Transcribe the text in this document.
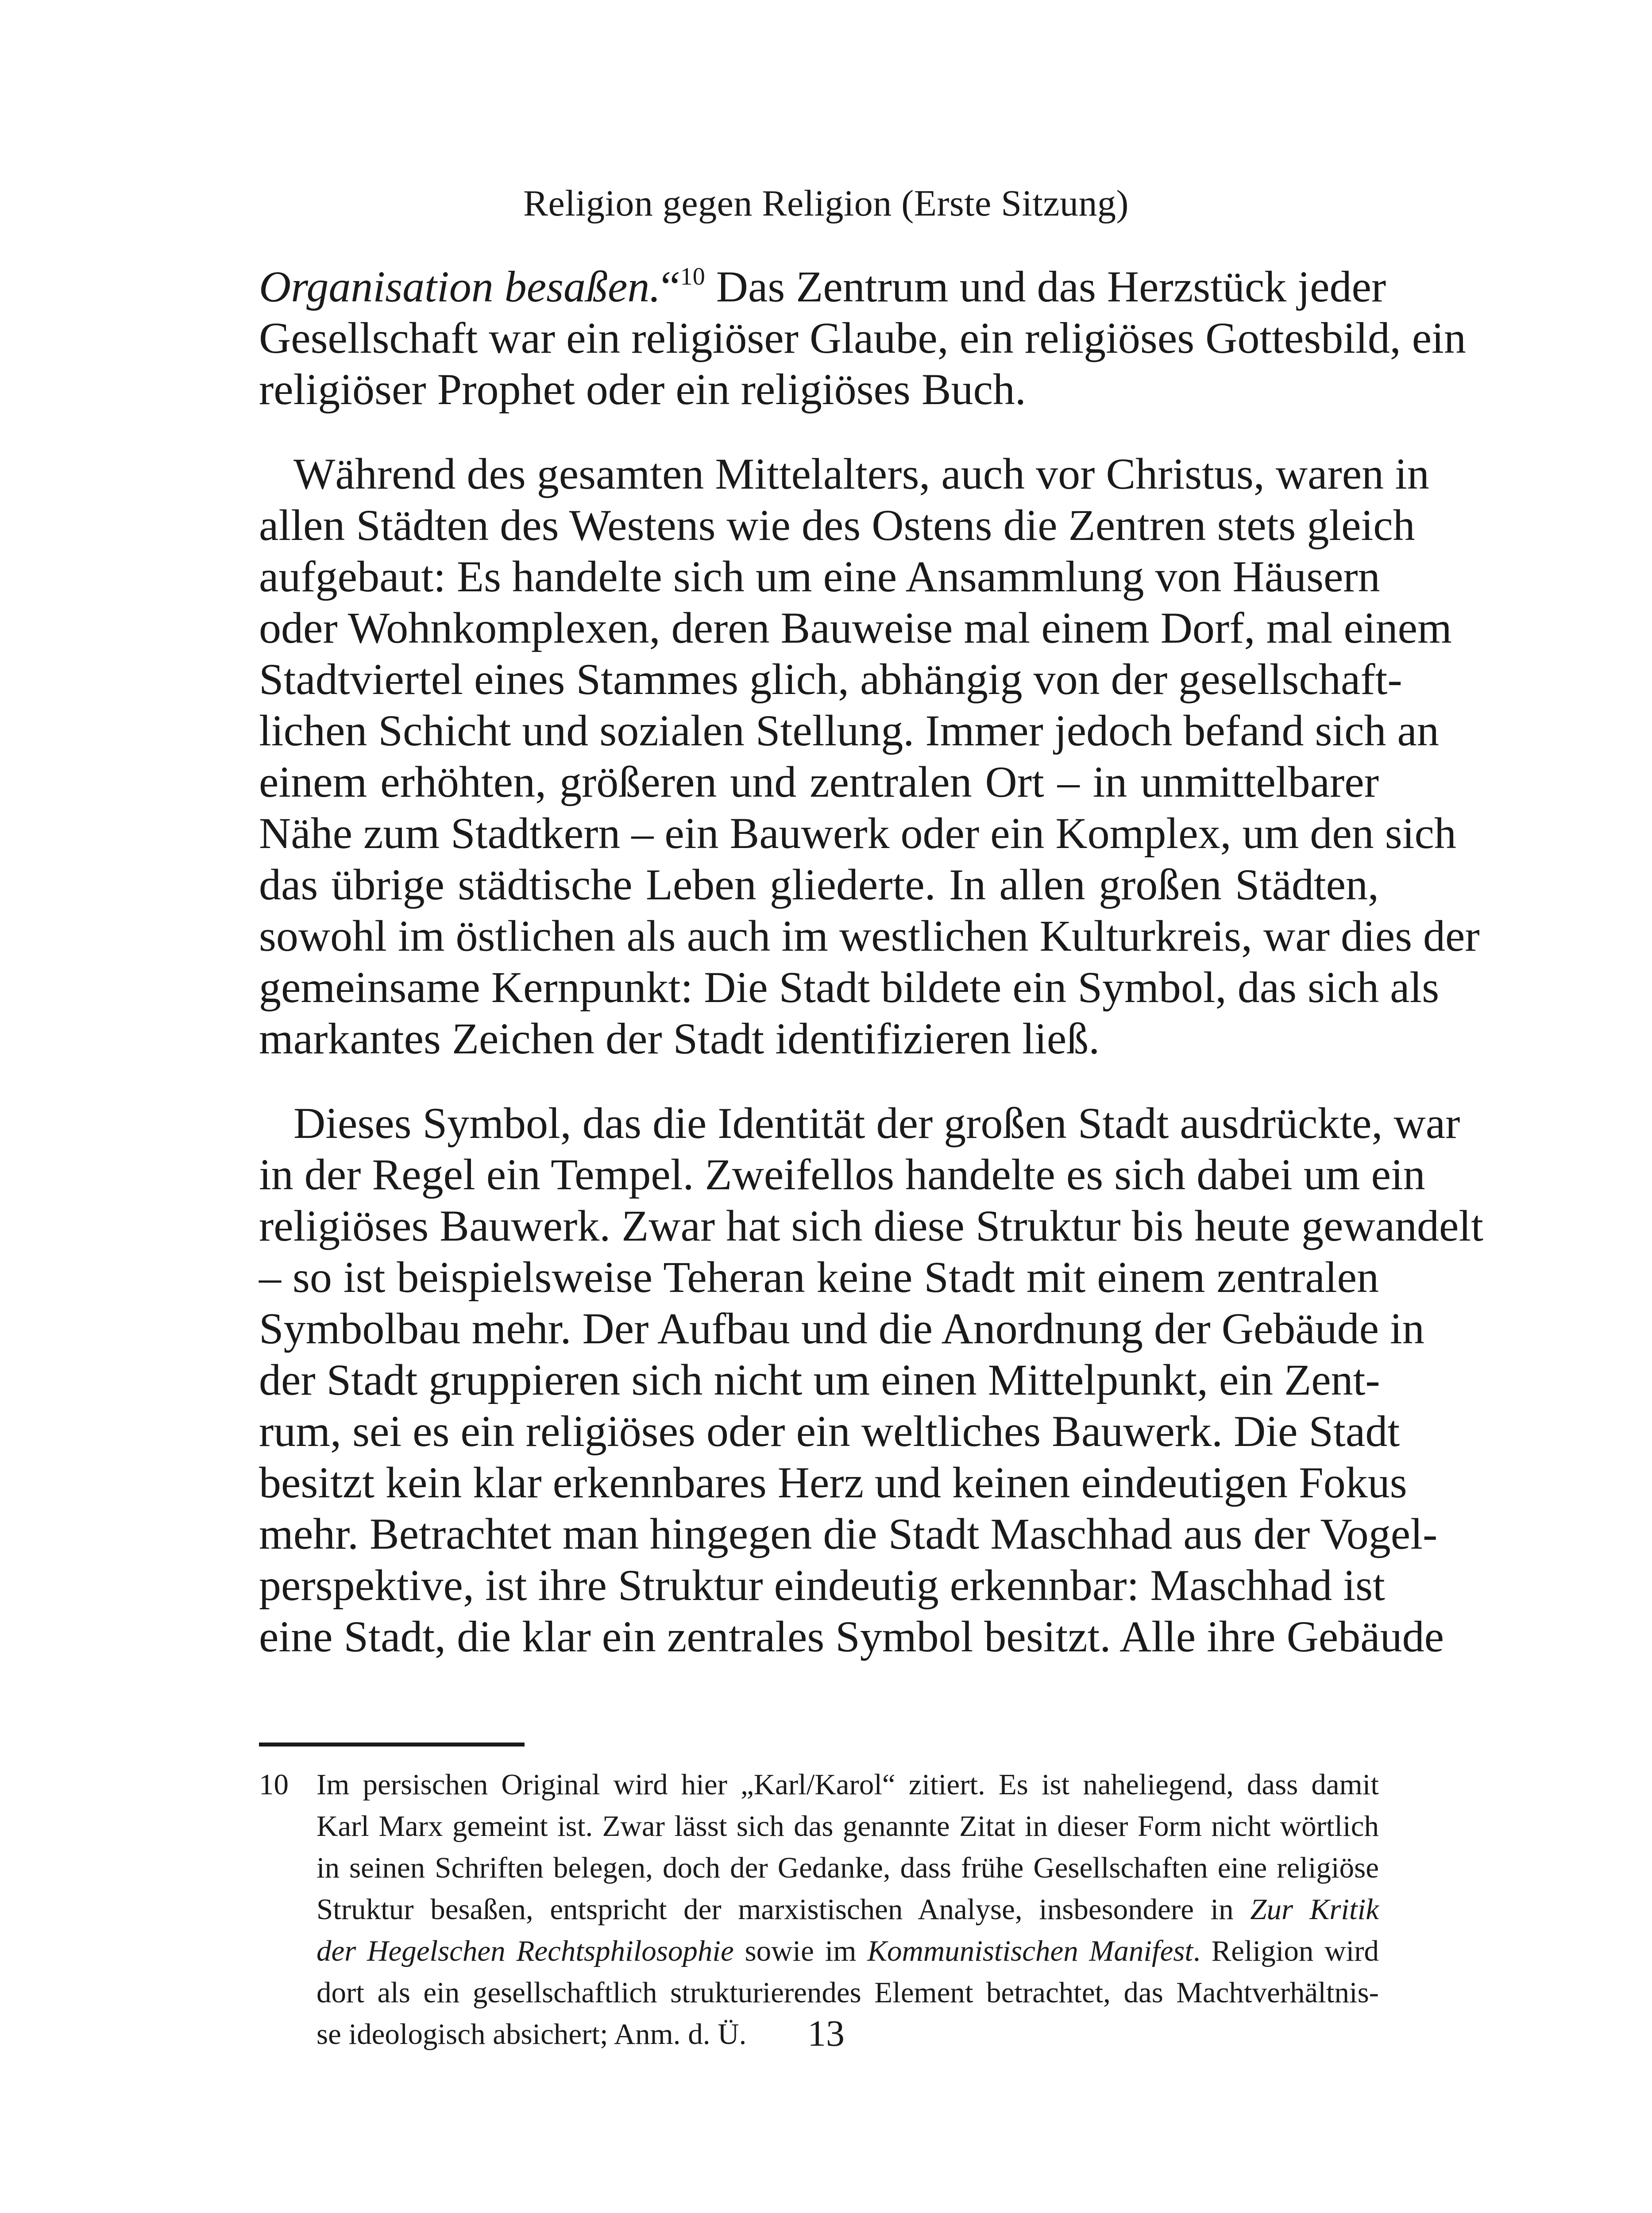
Religion gegen Religion (Erste Sitzung)
Organisation besaßen.“$^{10}$ Das Zentrum und das Herzstück jeder
Gesellschaft war ein religiöser Glaube, ein religiöses Gottesbild, ein
religiöser Prophet oder ein religiöses Buch.
Während des gesamten Mittelalters, auch vor Christus, waren in
allen Städten des Westens wie des Ostens die Zentren stets gleich
aufgebaut: Es handelte sich um eine Ansammlung von Häusern
oder Wohnkomplexen, deren Bauweise mal einem Dorf, mal einem
Stadtviertel eines Stammes glich, abhängig von der gesellschaft-
lichen Schicht und sozialen Stellung. Immer jedoch befand sich an
einem erhöhten, größeren und zentralen Ort – in unmittelbarer
Nähe zum Stadtkern – ein Bauwerk oder ein Komplex, um den sich
das übrige städtische Leben gliederte. In allen großen Städten,
sowohl im östlichen als auch im westlichen Kulturkreis, war dies der
gemeinsame Kernpunkt: Die Stadt bildete ein Symbol, das sich als
markantes Zeichen der Stadt identifizieren ließ.
Dieses Symbol, das die Identität der großen Stadt ausdrückte, war
in der Regel ein Tempel. Zweifellos handelte es sich dabei um ein
religiöses Bauwerk. Zwar hat sich diese Struktur bis heute gewandelt
– so ist beispielsweise Teheran keine Stadt mit einem zentralen
Symbolbau mehr. Der Aufbau und die Anordnung der Gebäude in
der Stadt gruppieren sich nicht um einen Mittelpunkt, ein Zent-
rum, sei es ein religiöses oder ein weltliches Bauwerk. Die Stadt
besitzt kein klar erkennbares Herz und keinen eindeutigen Fokus
mehr. Betrachtet man hingegen die Stadt Maschhad aus der Vogel-
perspektive, ist ihre Struktur eindeutig erkennbar: Maschhad ist
eine Stadt, die klar ein zentrales Symbol besitzt. Alle ihre Gebäude
10 Im persischen Original wird hier „Karl/Karol“ zitiert. Es ist naheliegend, dass damit
Karl Marx gemeint ist. Zwar lässt sich das genannte Zitat in dieser Form nicht wörtlich
in seinen Schriften belegen, doch der Gedanke, dass frühe Gesellschaften eine religiöse
Struktur besaßen, entspricht der marxistischen Analyse, insbesondere in Zur Kritik
der Hegelschen Rechtsphilosophie sowie im Kommunistischen Manifest. Religion wird
dort als ein gesellschaftlich strukturierendes Element betrachtet, das Machtverhältnis-
se ideologisch absichert; Anm. d. Ü.	13
